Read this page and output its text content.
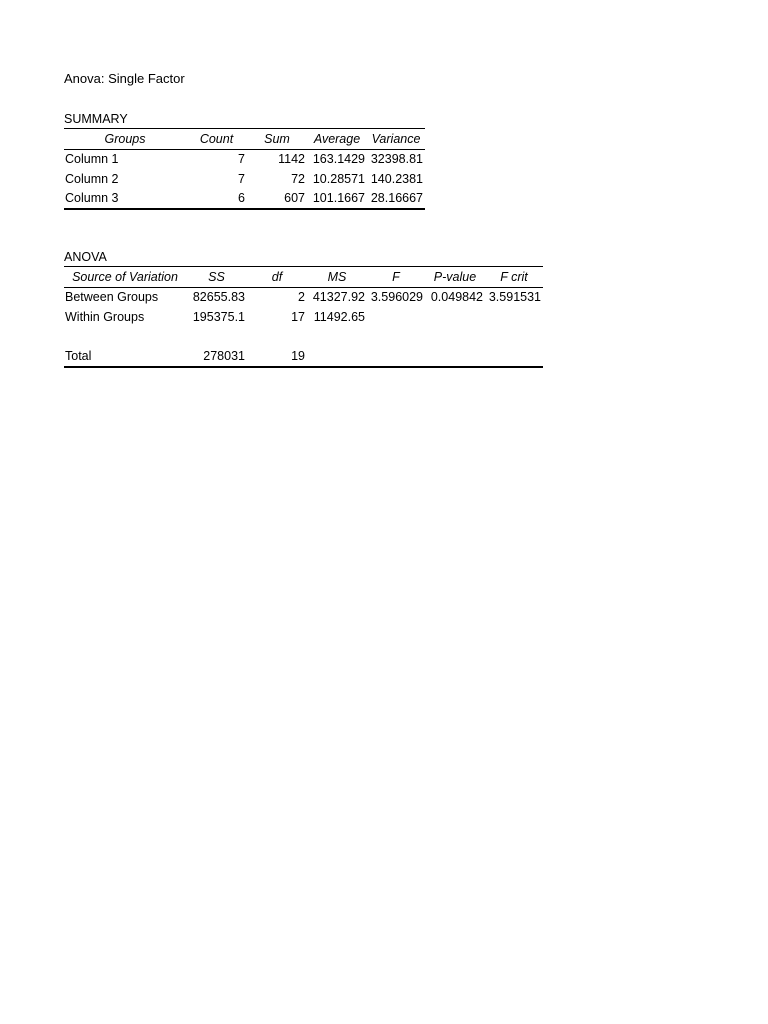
Anova: Single Factor
SUMMARY
Groups	Count	Sum	Average	Variance
Column 1	7	1142	163.1429	32398.81
Column 2	7	72	10.28571	140.2381
Column 3	6	607	101.1667	28.16667
ANOVA
Source of Variation	SS	df	MS	F	P-value	F crit
Between Groups	82655.83	2	41327.92	3.596029	0.049842	3.591531
Within Groups	195375.1	17	11492.65			

Total	278031	19				
